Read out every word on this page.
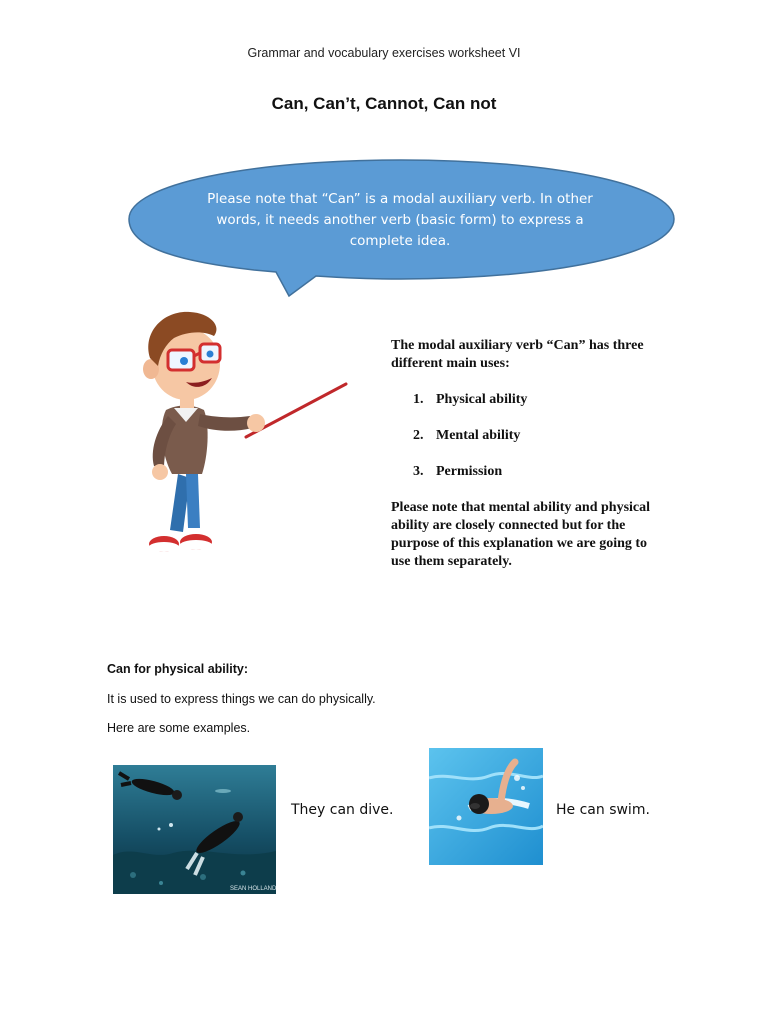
Grammar and vocabulary exercises worksheet VI
Can, Can’t, Cannot, Can not
Please note that “Can” is a modal auxiliary verb. In other words, it needs another verb (basic form) to express a complete idea.

The modal auxiliary verb “Can” has three different main uses:

1. Physical ability
2. Mental ability
3. Permission

Please note that mental ability and physical ability are closely connected but for the purpose of this explanation we are going to use them separately.

Can for physical ability:

It is used to express things we can do physically.

Here are some examples.

SEAN HOLLAND
They can dive.	He can swim.
